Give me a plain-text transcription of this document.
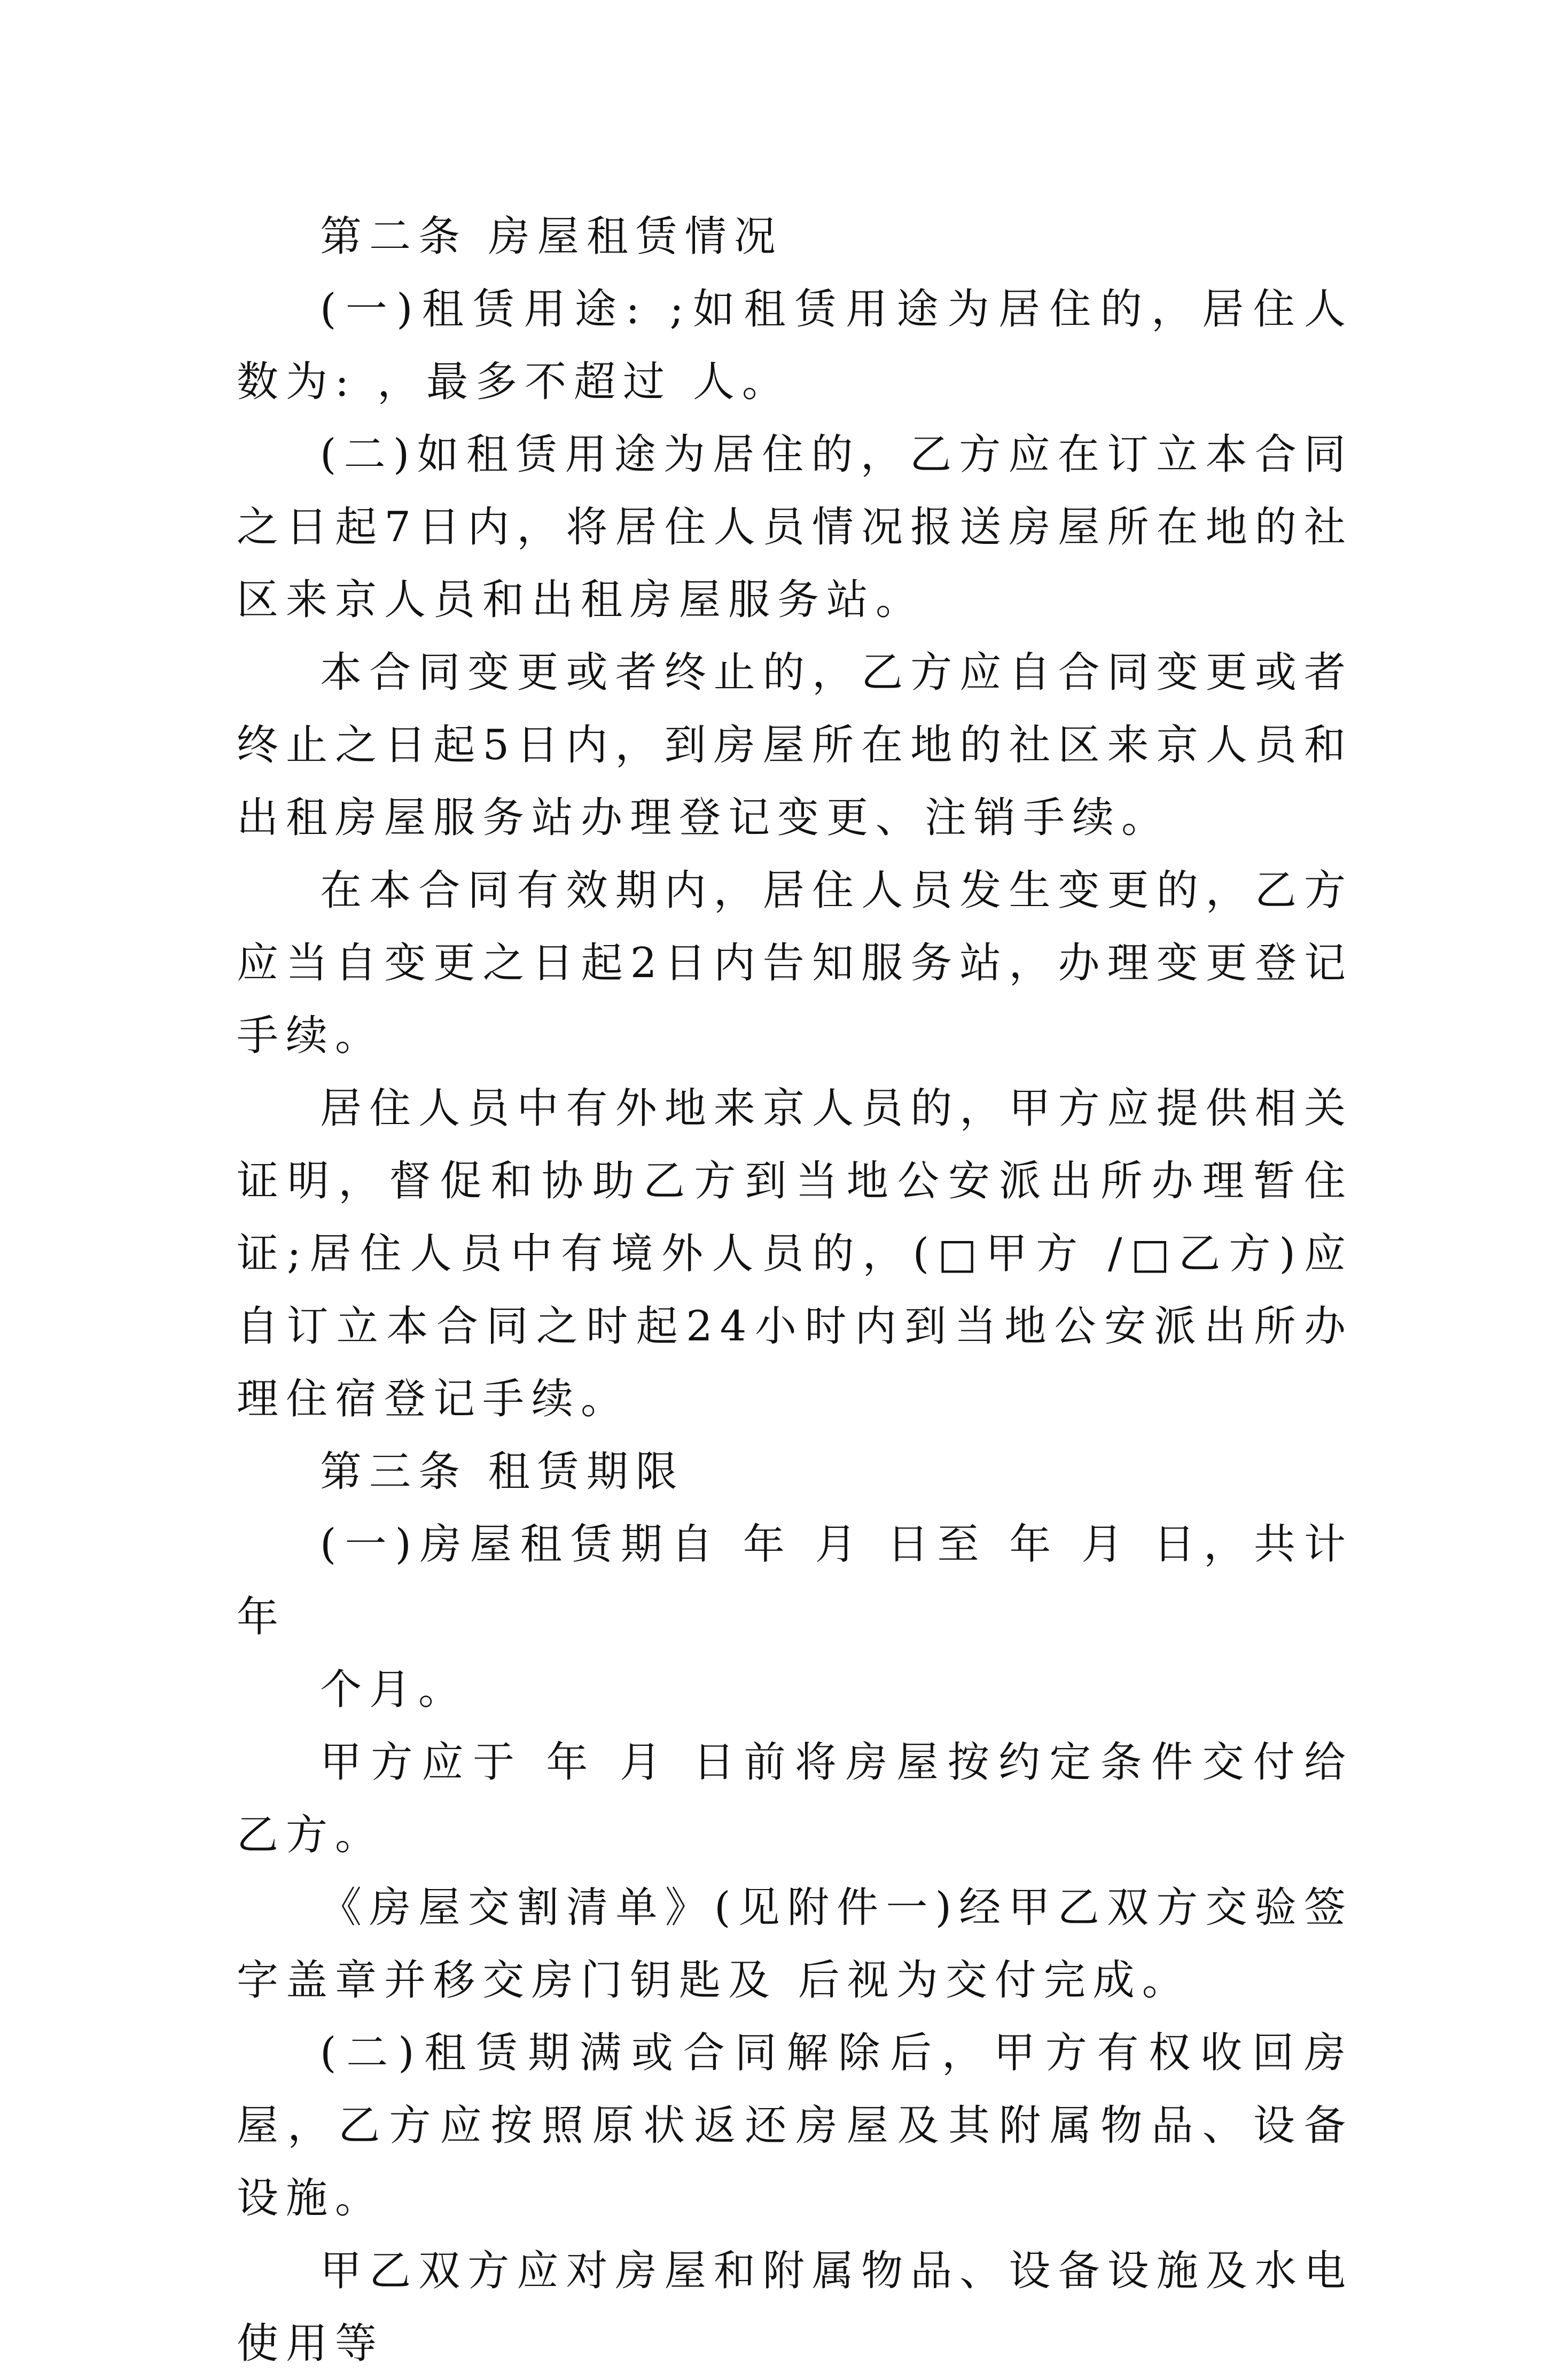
第二条 房屋租赁情况

(一)租赁用途: ;如租赁用途为居住的，居住人数为: ，最多不超过 人。

(二)如租赁用途为居住的，乙方应在订立本合同之日起7日内，将居住人员情况报送房屋所在地的社区来京人员和出租房屋服务站。

本合同变更或者终止的，乙方应自合同变更或者终止之日起5日内，到房屋所在地的社区来京人员和出租房屋服务站办理登记变更、注销手续。

在本合同有效期内，居住人员发生变更的，乙方应当自变更之日起2日内告知服务站，办理变更登记手续。

居住人员中有外地来京人员的，甲方应提供相关证明，督促和协助乙方到当地公安派出所办理暂住证;居住人员中有境外人员的，(□甲方 /□乙方)应自订立本合同之时起24小时内到当地公安派出所办理住宿登记手续。

第三条 租赁期限

(一)房屋租赁期自 年 月 日至 年 月 日，共计 年

个月。

甲方应于 年 月 日前将房屋按约定条件交付给乙方。

《房屋交割清单》(见附件一)经甲乙双方交验签字盖章并移交房门钥匙及 后视为交付完成。

(二)租赁期满或合同解除后，甲方有权收回房屋，乙方应按照原状返还房屋及其附属物品、设备设施。

甲乙双方应对房屋和附属物品、设备设施及水电使用等
